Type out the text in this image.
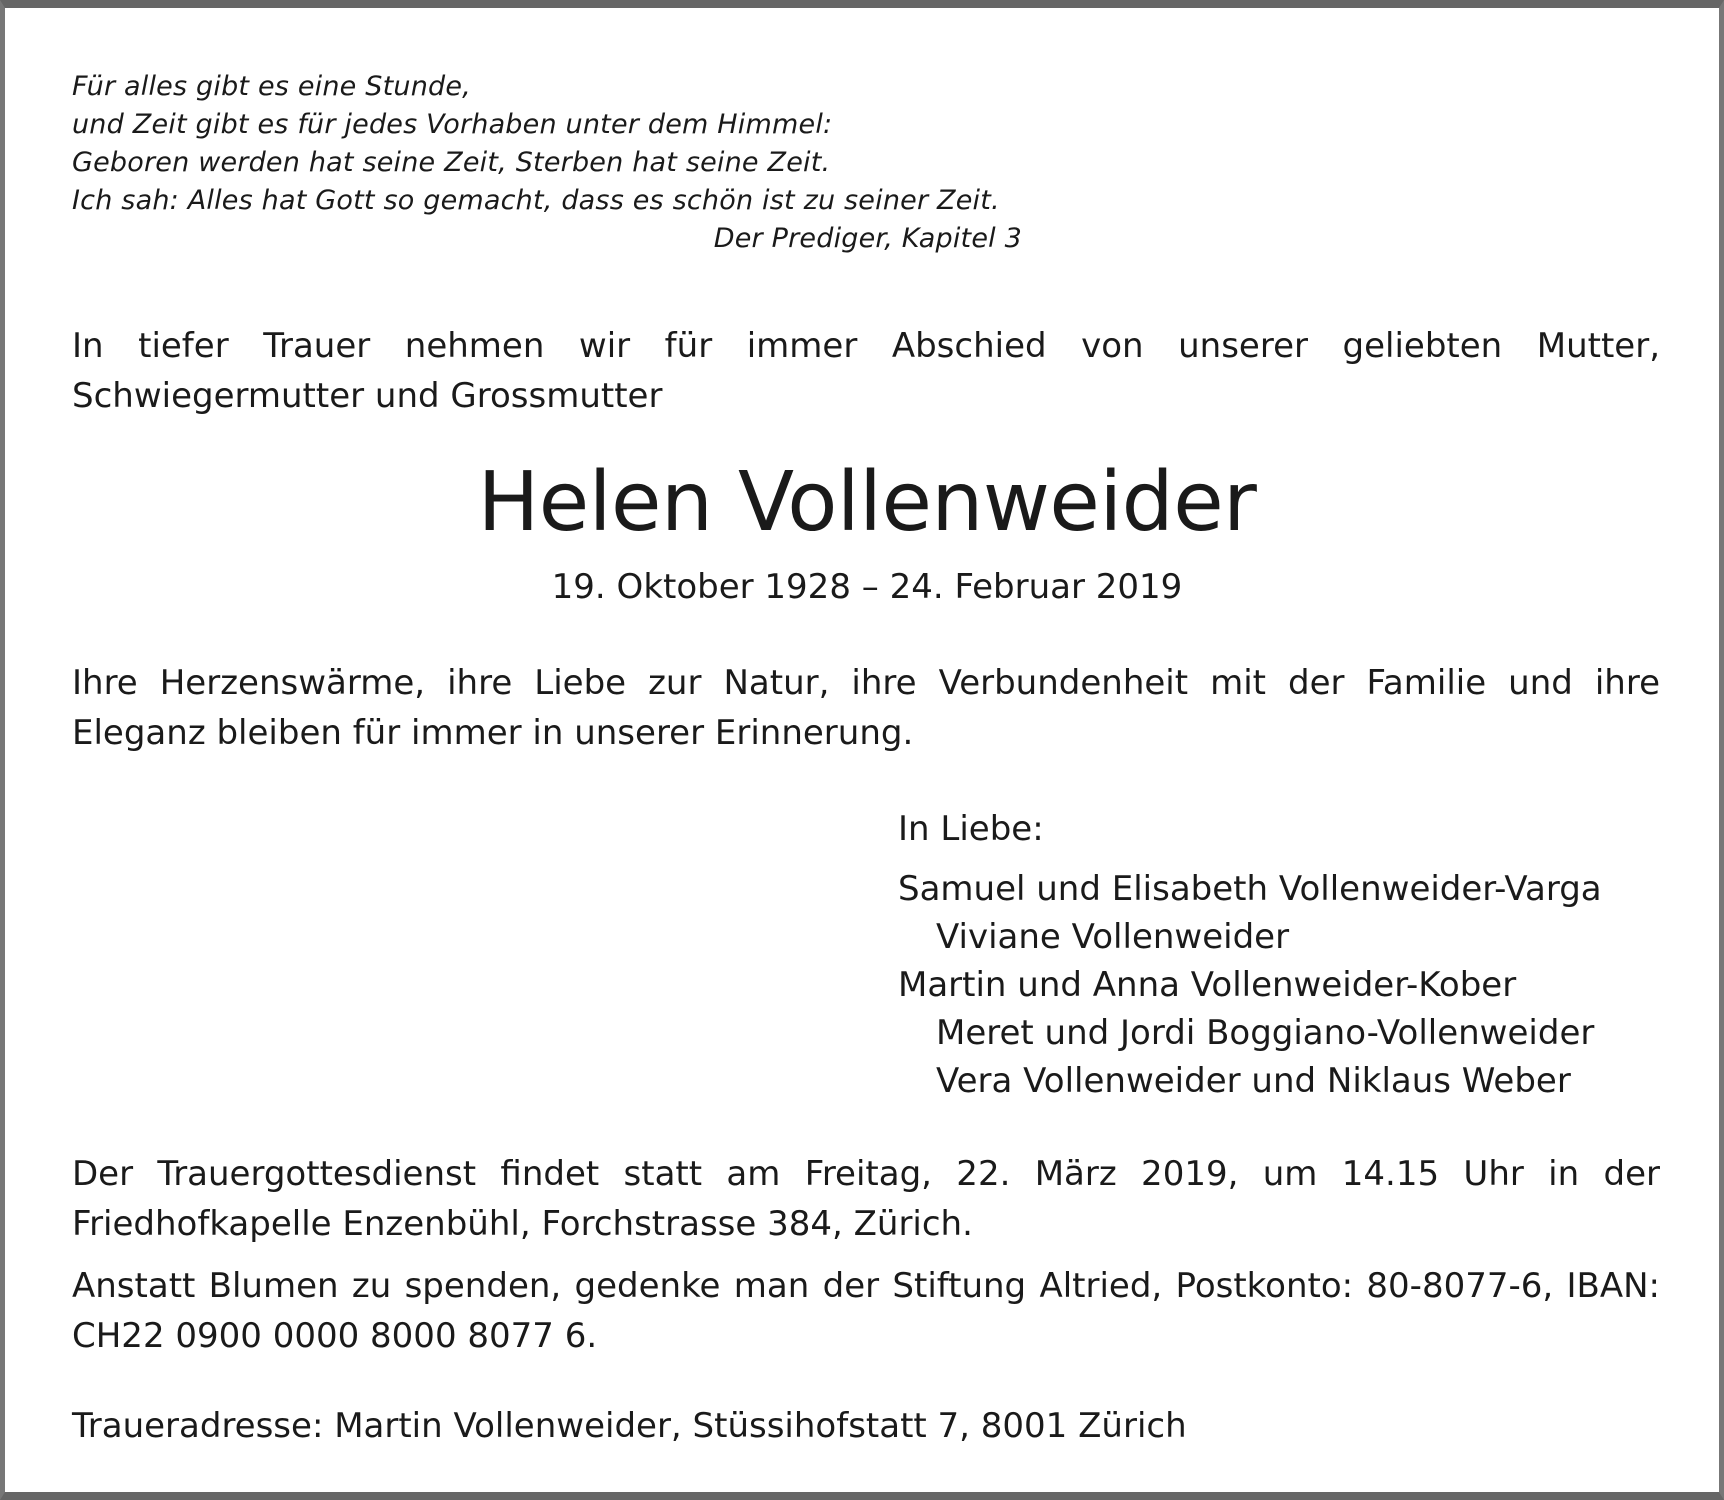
Für alles gibt es eine Stunde,
und Zeit gibt es für jedes Vorhaben unter dem Himmel:
Geboren werden hat seine Zeit, Sterben hat seine Zeit.
Ich sah: Alles hat Gott so gemacht, dass es schön ist zu seiner Zeit.
Der Prediger, Kapitel 3
In tiefer Trauer nehmen wir für immer Abschied von unserer geliebten Mutter, Schwiegermutter und Grossmutter
Helen Vollenweider
19. Oktober 1928 – 24. Februar 2019
Ihre Herzenswärme, ihre Liebe zur Natur, ihre Verbundenheit mit der Familie und ihre Eleganz bleiben für immer in unserer Erinnerung.
In Liebe:
Samuel und Elisabeth Vollenweider-Varga
Viviane Vollenweider
Martin und Anna Vollenweider-Kober
Meret und Jordi Boggiano-Vollenweider
Vera Vollenweider und Niklaus Weber
Der Trauergottesdienst findet statt am Freitag, 22. März 2019, um 14.15 Uhr in der Friedhofkapelle Enzenbühl, Forchstrasse 384, Zürich.
Anstatt Blumen zu spenden, gedenke man der Stiftung Altried, Postkonto: 80-8077-6, IBAN: CH22 0900 0000 8000 8077 6.
Traueradresse: Martin Vollenweider, Stüssihofstatt 7, 8001 Zürich
